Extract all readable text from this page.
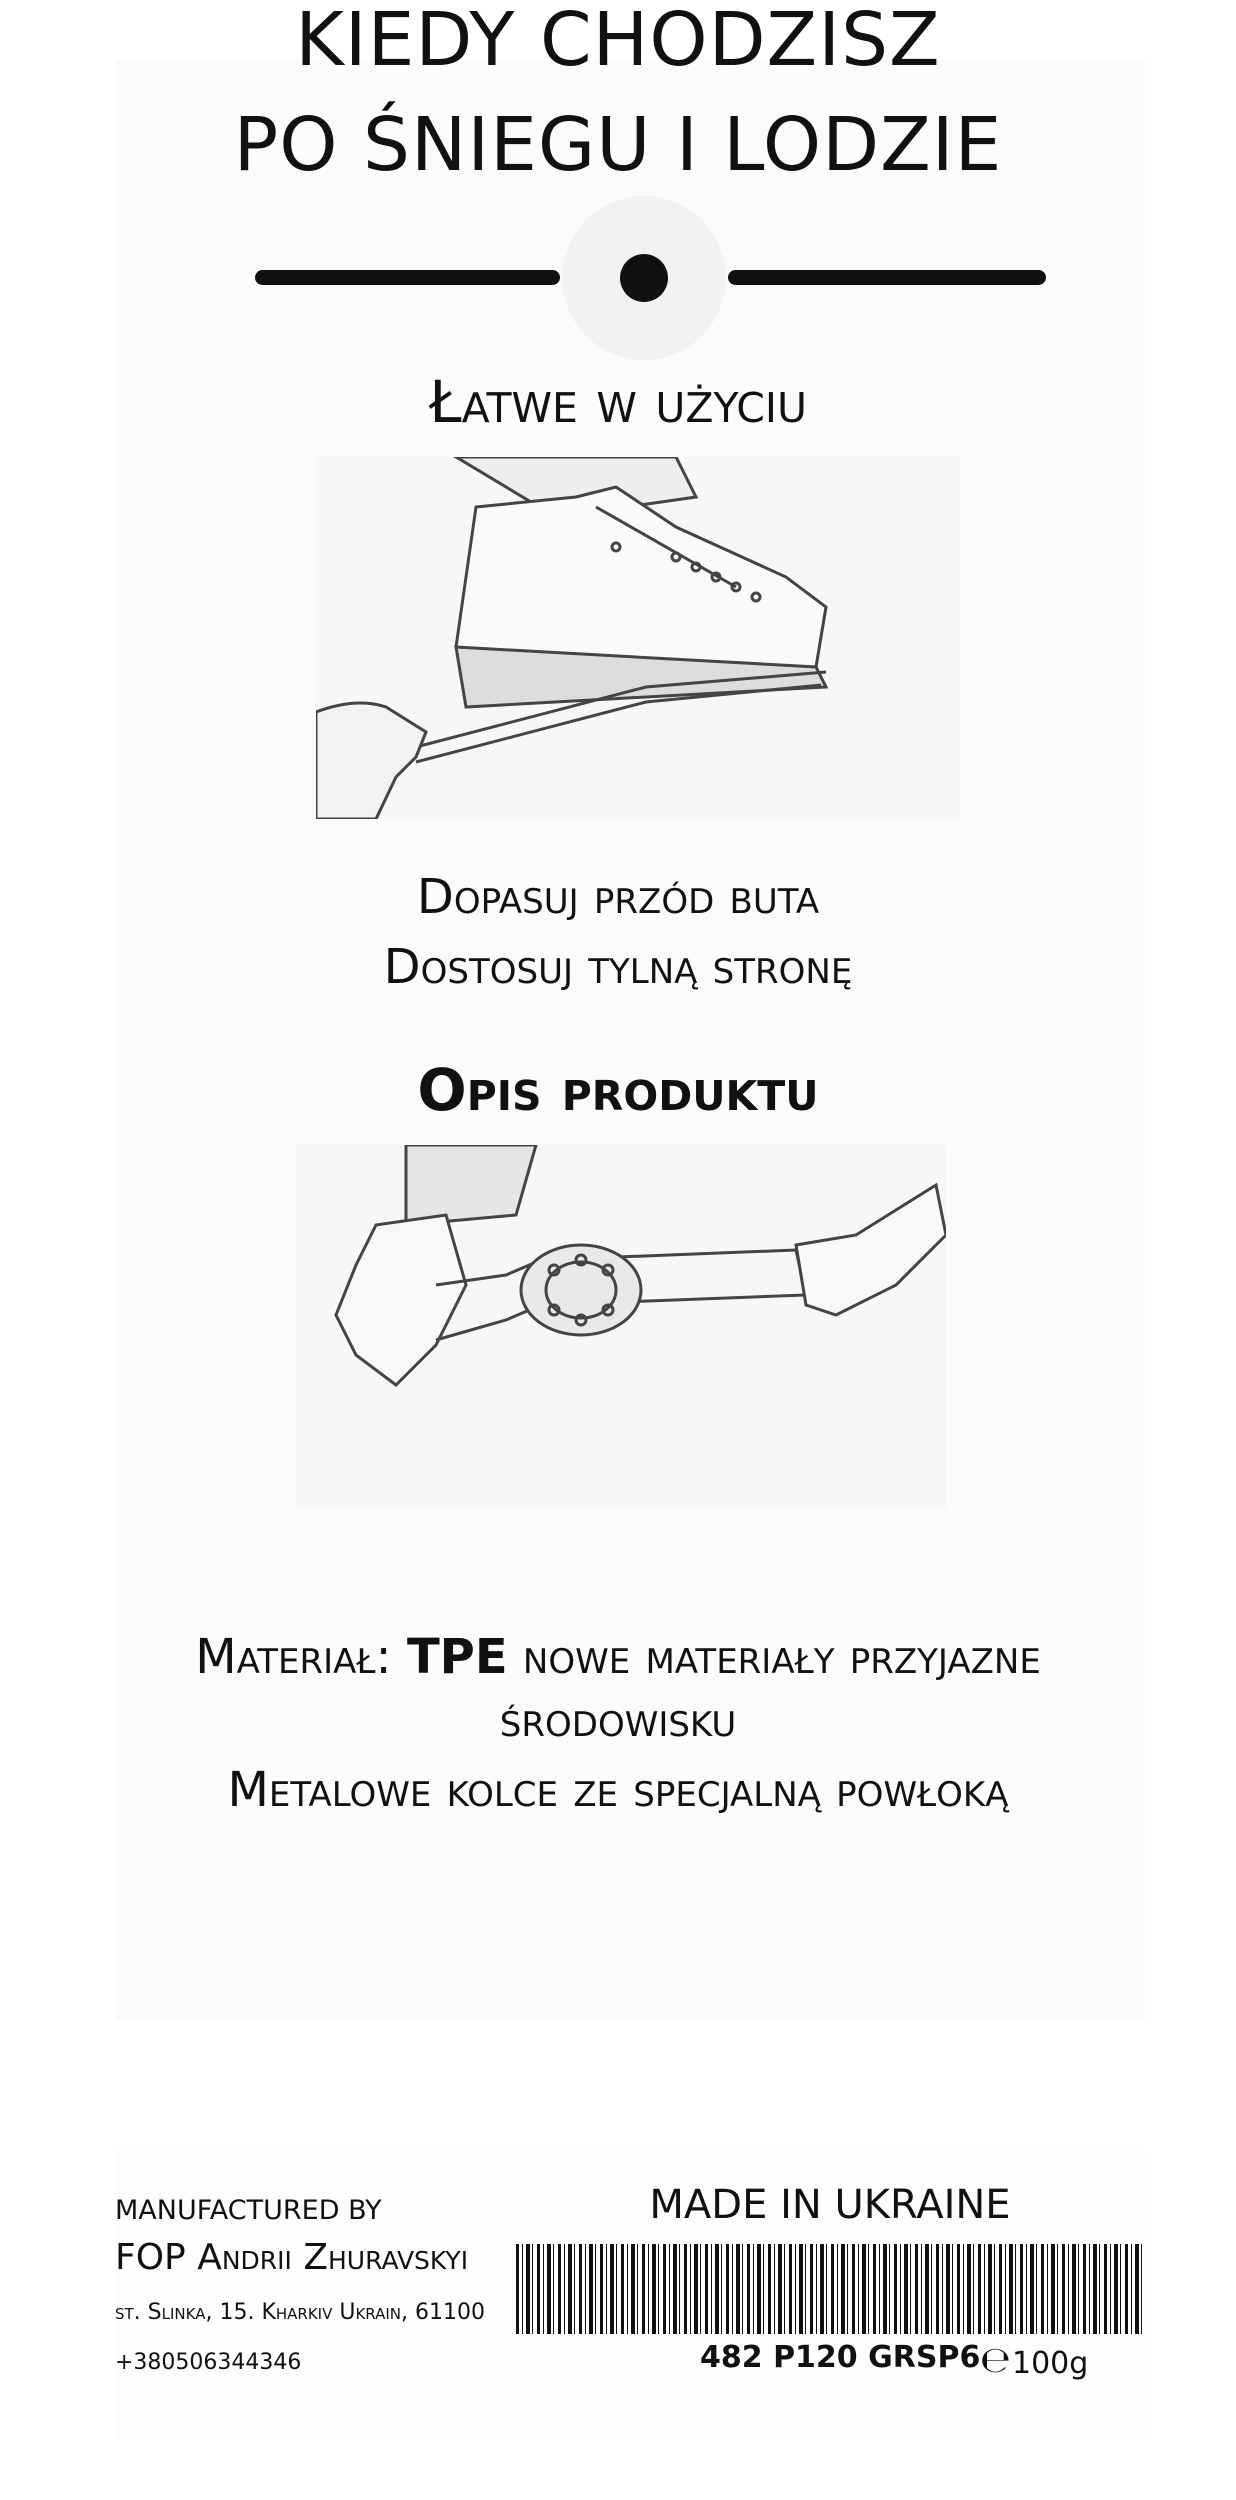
KIEDY CHODZISZ
PO ŚNIEGU I LODZIE
Łatwe w użyciu
Dopasuj przód buta
Dostosuj tylną stronę
Opis produktu
Materiał: TPE nowe materiały przyjazne
środowisku
Metalowe kolce ze specjalną powłoką
MANUFACTURED BY
FOP Andrii Zhuravskyi
st. Slinka, 15. Kharkiv Ukrain, 61100
+380506344346
MADE IN UKRAINE
482 P120 GRSP6 ℮ 100g
